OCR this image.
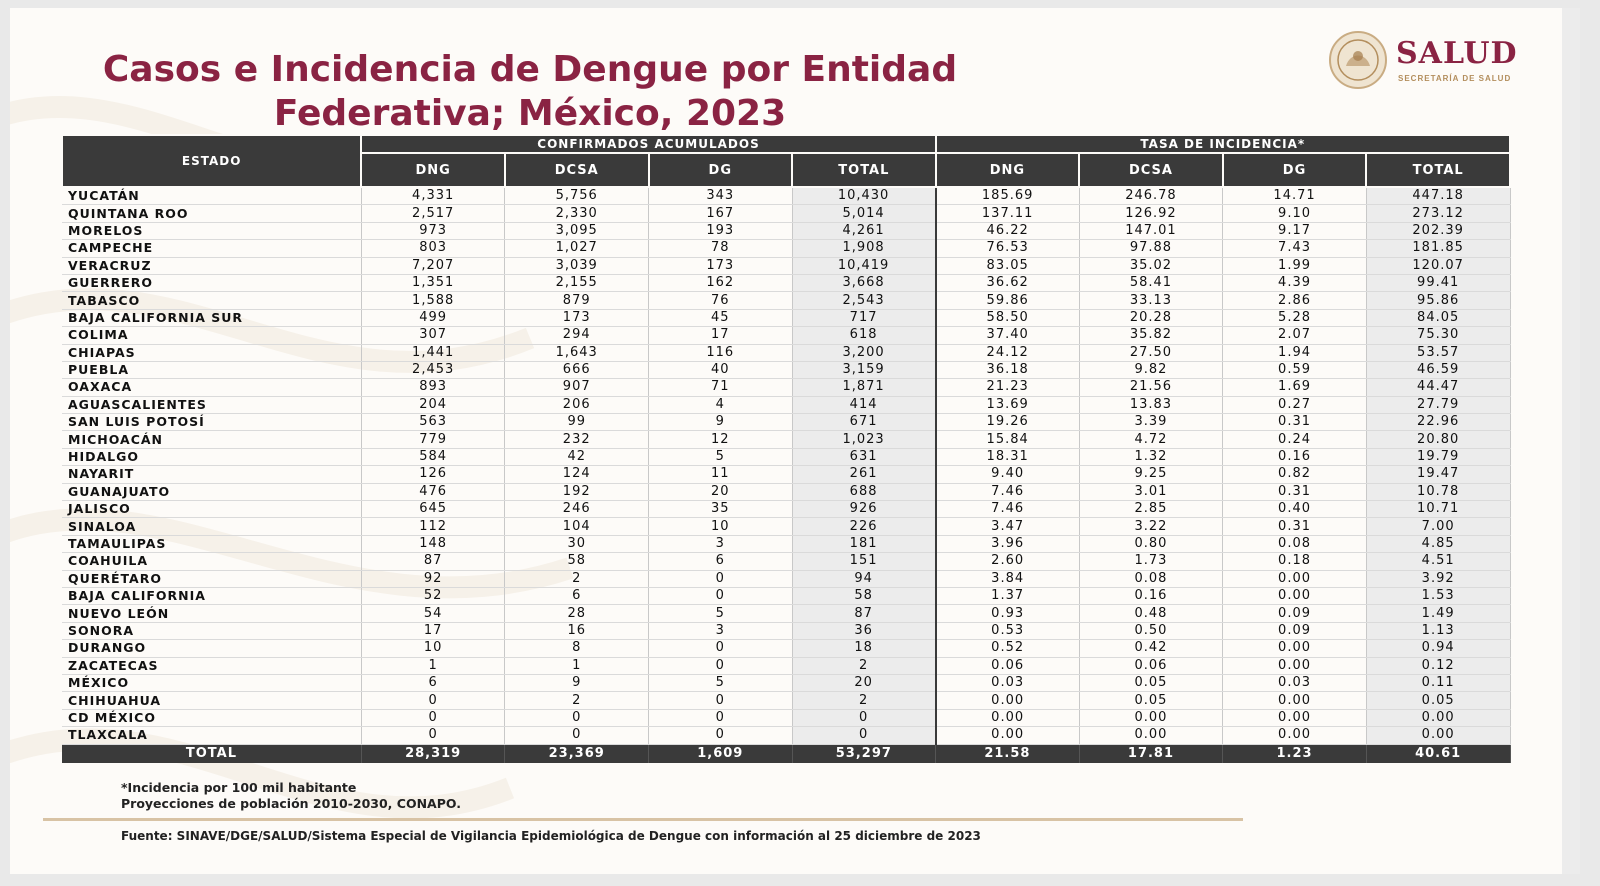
Casos e Incidencia de Dengue por Entidad
Federativa; México, 2023
SALUD
SECRETARÍA DE SALUD
ESTADO	CONFIRMADOS ACUMULADOS				TASA DE INCIDENCIA*			
	DNG	DCSA	DG	TOTAL	DNG	DCSA	DG	TOTAL
YUCATÁN	4,331	5,756	343	10,430	185.69	246.78	14.71	447.18
QUINTANA ROO	2,517	2,330	167	5,014	137.11	126.92	9.10	273.12
MORELOS	973	3,095	193	4,261	46.22	147.01	9.17	202.39
CAMPECHE	803	1,027	78	1,908	76.53	97.88	7.43	181.85
VERACRUZ	7,207	3,039	173	10,419	83.05	35.02	1.99	120.07
GUERRERO	1,351	2,155	162	3,668	36.62	58.41	4.39	99.41
TABASCO	1,588	879	76	2,543	59.86	33.13	2.86	95.86
BAJA CALIFORNIA SUR	499	173	45	717	58.50	20.28	5.28	84.05
COLIMA	307	294	17	618	37.40	35.82	2.07	75.30
CHIAPAS	1,441	1,643	116	3,200	24.12	27.50	1.94	53.57
PUEBLA	2,453	666	40	3,159	36.18	9.82	0.59	46.59
OAXACA	893	907	71	1,871	21.23	21.56	1.69	44.47
AGUASCALIENTES	204	206	4	414	13.69	13.83	0.27	27.79
SAN LUIS POTOSÍ	563	99	9	671	19.26	3.39	0.31	22.96
MICHOACÁN	779	232	12	1,023	15.84	4.72	0.24	20.80
HIDALGO	584	42	5	631	18.31	1.32	0.16	19.79
NAYARIT	126	124	11	261	9.40	9.25	0.82	19.47
GUANAJUATO	476	192	20	688	7.46	3.01	0.31	10.78
JALISCO	645	246	35	926	7.46	2.85	0.40	10.71
SINALOA	112	104	10	226	3.47	3.22	0.31	7.00
TAMAULIPAS	148	30	3	181	3.96	0.80	0.08	4.85
COAHUILA	87	58	6	151	2.60	1.73	0.18	4.51
QUERÉTARO	92	2	0	94	3.84	0.08	0.00	3.92
BAJA CALIFORNIA	52	6	0	58	1.37	0.16	0.00	1.53
NUEVO LEÓN	54	28	5	87	0.93	0.48	0.09	1.49
SONORA	17	16	3	36	0.53	0.50	0.09	1.13
DURANGO	10	8	0	18	0.52	0.42	0.00	0.94
ZACATECAS	1	1	0	2	0.06	0.06	0.00	0.12
MÉXICO	6	9	5	20	0.03	0.05	0.03	0.11
CHIHUAHUA	0	2	0	2	0.00	0.05	0.00	0.05
CD MÉXICO	0	0	0	0	0.00	0.00	0.00	0.00
TLAXCALA	0	0	0	0	0.00	0.00	0.00	0.00
TOTAL	28,319	23,369	1,609	53,297	21.58	17.81	1.23	40.61
*Incidencia por 100 mil habitante
Proyecciones de población 2010-2030, CONAPO.
Fuente: SINAVE/DGE/SALUD/Sistema Especial de Vigilancia Epidemiológica de Dengue con información al 25 diciembre de 2023
